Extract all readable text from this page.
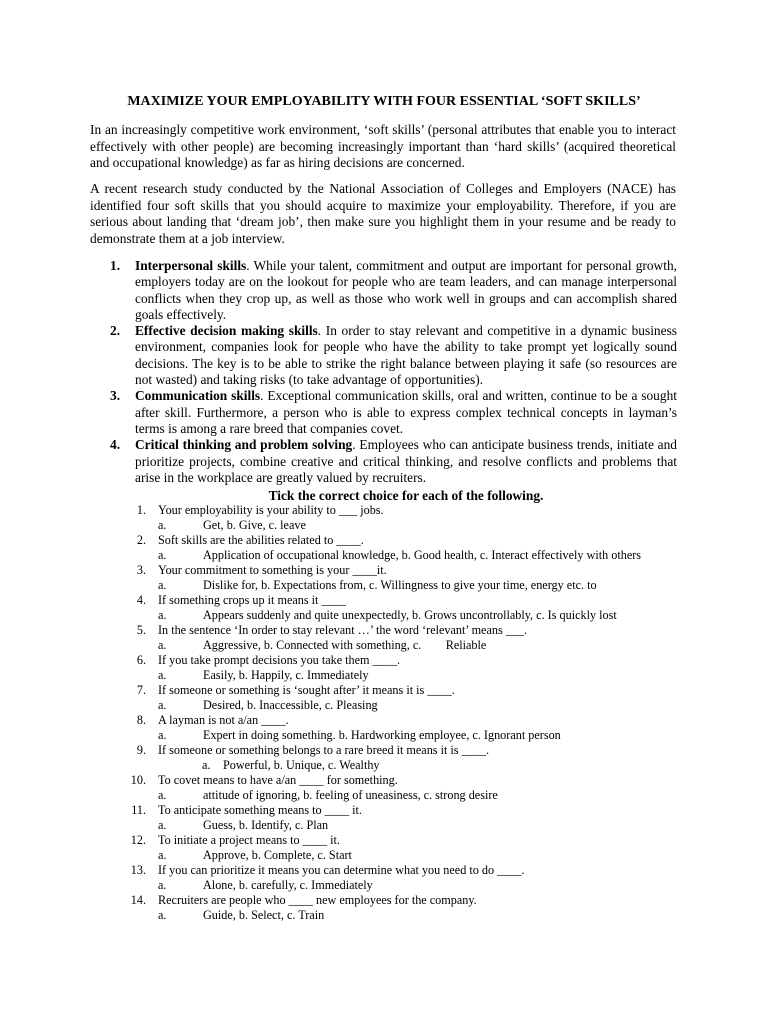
MAXIMIZE YOUR EMPLOYABILITY WITH FOUR ESSENTIAL ‘SOFT SKILLS’

In an increasingly competitive work environment, ‘soft skills’ (personal attributes that enable you to interact effectively with other people) are becoming increasingly important than ‘hard skills’ (acquired theoretical and occupational knowledge) as far as hiring decisions are concerned.

A recent research study conducted by the National Association of Colleges and Employers (NACE) has identified four soft skills that you should acquire to maximize your employability. Therefore, if you are serious about landing that ‘dream job’, then make sure you highlight them in your resume and be ready to demonstrate them at a job interview.

1. Interpersonal skills. While your talent, commitment and output are important for personal growth, employers today are on the lookout for people who are team leaders, and can manage interpersonal conflicts when they crop up, as well as those who work well in groups and can accomplish shared goals effectively.
2. Effective decision making skills. In order to stay relevant and competitive in a dynamic business environment, companies look for people who have the ability to take prompt yet logically sound decisions. The key is to be able to strike the right balance between playing it safe (so resources are not wasted) and taking risks (to take advantage of opportunities).
3. Communication skills. Exceptional communication skills, oral and written, continue to be a sought after skill. Furthermore, a person who is able to express complex technical concepts in layman’s terms is among a rare breed that companies covet.
4. Critical thinking and problem solving. Employees who can anticipate business trends, initiate and prioritize projects, combine creative and critical thinking, and resolve conflicts and problems that arise in the workplace are greatly valued by recruiters.
Tick the correct choice for each of the following.
1. Your employability is your ability to ___ jobs.
a.	Get, b. Give, c. leave
2. Soft skills are the abilities related to ____.
a.	Application of occupational knowledge, b. Good health, c. Interact effectively with others
3. Your commitment to something is your ____it.
a.	Dislike for, b. Expectations from, c. Willingness to give your time, energy etc. to
4. If something crops up it means it ____
a.	Appears suddenly and quite unexpectedly, b. Grows uncontrollably, c. Is quickly lost
5. In the sentence ‘In order to stay relevant …’ the word ‘relevant’ means ___.
a.	Aggressive, b. Connected with something, c.        Reliable
6. If you take prompt decisions you take them ____.
a.	Easily, b. Happily, c. Immediately
7. If someone or something is ‘sought after’ it means it is ____.
a.	Desired, b. Inaccessible, c. Pleasing
8. A layman is not a/an ____.
a.	Expert in doing something. b. Hardworking employee, c. Ignorant person
9. If someone or something belongs to a rare breed it means it is ____.
a. Powerful, b. Unique, c. Wealthy
10. To covet means to have a/an ____ for something.
a.	attitude of ignoring, b. feeling of uneasiness, c. strong desire
11. To anticipate something means to ____ it.
a.	Guess, b. Identify, c. Plan
12. To initiate a project means to ____ it.
a.	Approve, b. Complete, c. Start
13. If you can prioritize it means you can determine what you need to do ____.
a.	Alone, b. carefully, c. Immediately
14. Recruiters are people who ____ new employees for the company.
a.	Guide, b. Select, c. Train
